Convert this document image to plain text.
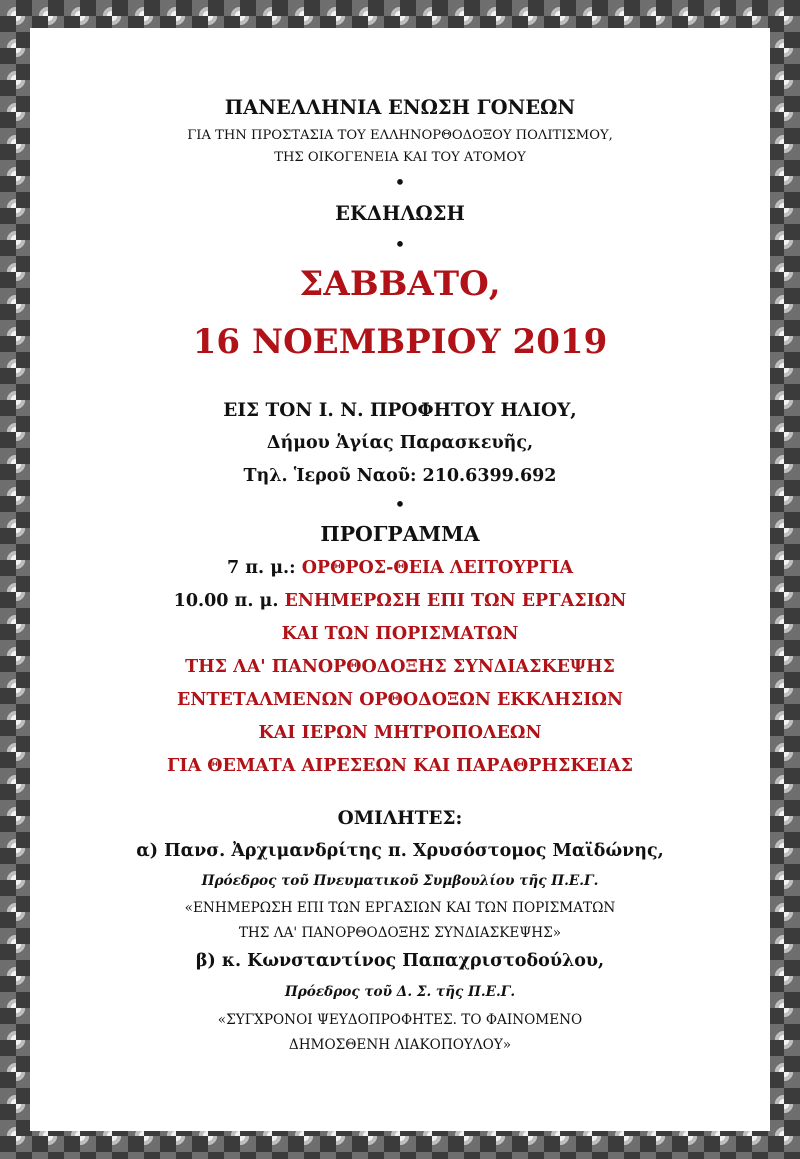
ΠΑΝΕΛΛΗΝΙΑ ΕΝΩΣΗ ΓΟΝΕΩΝ
ΓΙΑ ΤΗΝ ΠΡΟΣΤΑΣΙΑ ΤΟΥ ΕΛΛΗΝΟΡΘΟΔΟΞΟΥ ΠΟΛΙΤΙΣΜΟΥ,
ΤΗΣ ΟΙΚΟΓΕΝΕΙΑ ΚΑΙ ΤΟΥ ΑΤΟΜΟΥ
•
ΕΚΔΗΛΩΣΗ
•
ΣΑΒΒΑΤΟ,
16 ΝΟΕΜΒΡΙΟΥ 2019
ΕΙΣ ΤΟΝ Ι. Ν. ΠΡΟΦΗΤΟΥ ΗΛΙΟΥ,
Δήμου Ἁγίας Παρασκευῆς,
Τηλ. Ἱεροῦ Ναοῦ: 210.6399.692
•
ΠΡΟΓΡΑΜΜΑ
7 π. μ.: ΟΡΘΡΟΣ-ΘΕΙΑ ΛΕΙΤΟΥΡΓΙΑ
10.00 π. μ. ΕΝΗΜΕΡΩΣΗ ΕΠΙ ΤΩΝ ΕΡΓΑΣΙΩΝ
ΚΑΙ ΤΩΝ ΠΟΡΙΣΜΑΤΩΝ
ΤΗΣ ΛΑ' ΠΑΝΟΡΘΟΔΟΞΗΣ ΣΥΝΔΙΑΣΚΕΨΗΣ
ΕΝΤΕΤΑΛΜΕΝΩΝ ΟΡΘΟΔΟΞΩΝ ΕΚΚΛΗΣΙΩΝ
ΚΑΙ ΙΕΡΩΝ ΜΗΤΡΟΠΟΛΕΩΝ
ΓΙΑ ΘΕΜΑΤΑ ΑΙΡΕΣΕΩΝ ΚΑΙ ΠΑΡΑΘΡΗΣΚΕΙΑΣ
ΟΜΙΛΗΤΕΣ:
α) Πανσ. Ἀρχιμανδρίτης π. Χρυσόστομος Μαϊδώνης,
Πρόεδρος τοῦ Πνευματικοῦ Συμβουλίου τῆς Π.Ε.Γ.
«ΕΝΗΜΕΡΩΣΗ ΕΠΙ ΤΩΝ ΕΡΓΑΣΙΩΝ ΚΑΙ ΤΩΝ ΠΟΡΙΣΜΑΤΩΝ
ΤΗΣ ΛΑ' ΠΑΝΟΡΘΟΔΟΞΗΣ ΣΥΝΔΙΑΣΚΕΨΗΣ»
β) κ. Κωνσταντίνος Παπαχριστοδούλου,
Πρόεδρος τοῦ Δ. Σ. τῆς Π.Ε.Γ.
«ΣΥΓΧΡΟΝΟΙ ΨΕΥΔΟΠΡΟΦΗΤΕΣ. ΤΟ ΦΑΙΝΟΜΕΝΟ
ΔΗΜΟΣΘΕΝΗ ΛΙΑΚΟΠΟΥΛΟΥ»
